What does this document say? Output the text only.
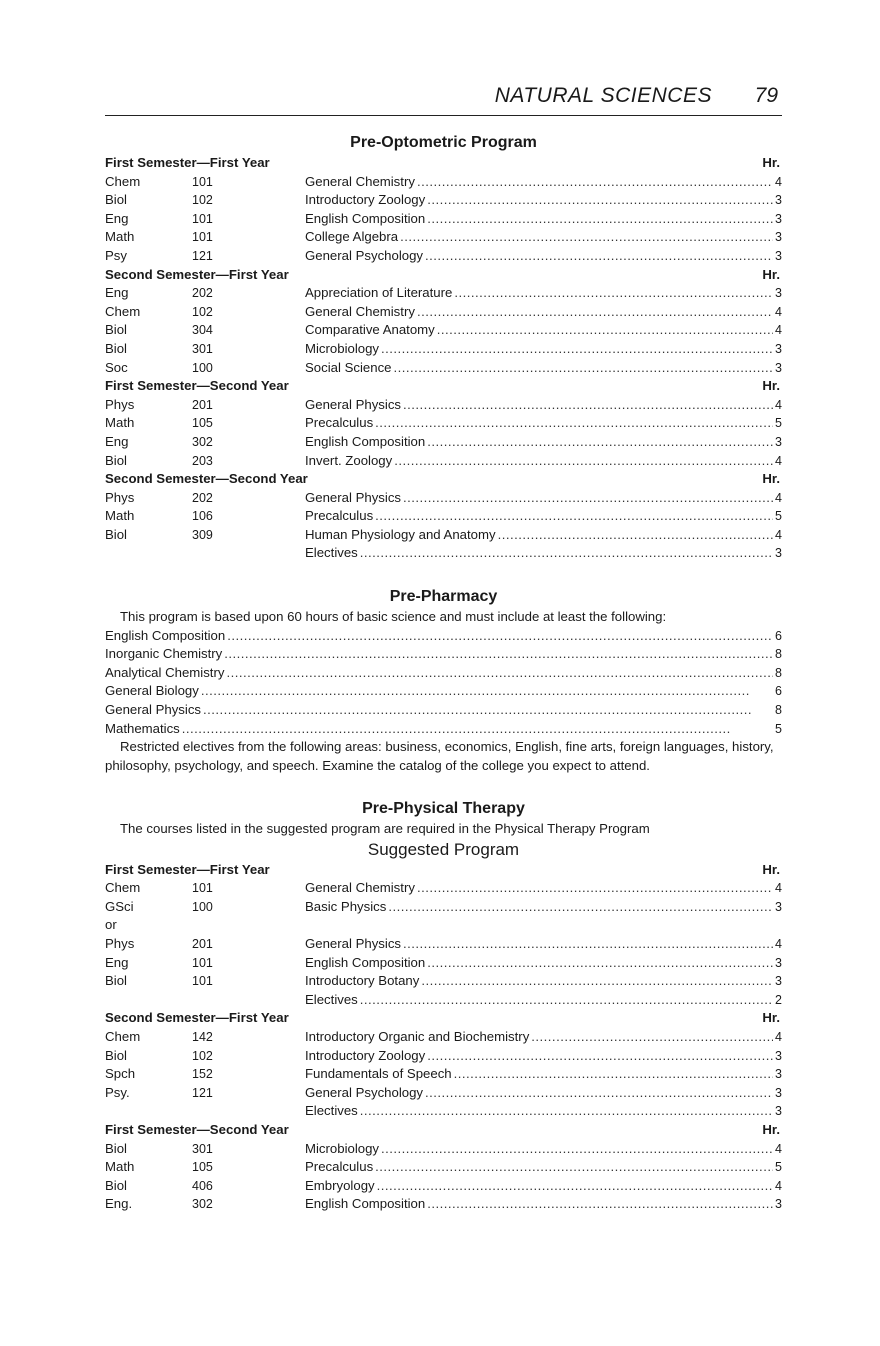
NATURAL SCIENCES 79
Pre-Optometric Program
First Semester—First Year	Hr.
Chem	101	General Chemistry . . .	4
Biol	102	Introductory Zoology . . .	3
Eng	101	English Composition . . .	3
Math	101	College Algebra . . .	3
Psy	121	General Psychology . . .	3
Second Semester—First Year	Hr.
Eng	202	Appreciation of Literature . . .	3
Chem	102	General Chemistry . . .	4
Biol	304	Comparative Anatomy . . .	4
Biol	301	Microbiology . . .	3
Soc	100	Social Science . . .	3
First Semester—Second Year	Hr.
Phys	201	General Physics . . .	4
Math	105	Precalculus . . .	5
Eng	302	English Composition . . .	3
Biol	203	Invert. Zoology . . .	4
Second Semester—Second Year	Hr.
Phys	202	General Physics . . .	4
Math	106	Precalculus . . .	5
Biol	309	Human Physiology and Anatomy . . .	4
Electives . . .	3
Pre-Pharmacy
This program is based upon 60 hours of basic science and must include at least the following:
English Composition . . .	6
Inorganic Chemistry . . .	8
Analytical Chemistry . . .	8
General Biology . . .	6
General Physics . . .	8
Mathematics . . .	5
Restricted electives from the following areas: business, economics, English, fine arts, foreign languages, history, philosophy, psychology, and speech. Examine the catalog of the college you expect to attend.
Pre-Physical Therapy
The courses listed in the suggested program are required in the Physical Therapy Program
Suggested Program
First Semester—First Year	Hr.
Chem	101	General Chemistry . . .	4
GSci	100	Basic Physics . . .	3
or
Phys	201	General Physics . . .	4
Eng	101	English Composition . . .	3
Biol	101	Introductory Botany . . .	3
Electives . . .	2
Second Semester—First Year	Hr.
Chem	142	Introductory Organic and Biochemistry . . .	4
Biol	102	Introductory Zoology . . .	3
Spch	152	Fundamentals of Speech . . .	3
Psy.	121	General Psychology . . .	3
Electives . . .	3
First Semester—Second Year	Hr.
Biol	301	Microbiology . . .	4
Math	105	Precalculus . . .	5
Biol	406	Embryology . . .	4
Eng.	302	English Composition . . .	3
